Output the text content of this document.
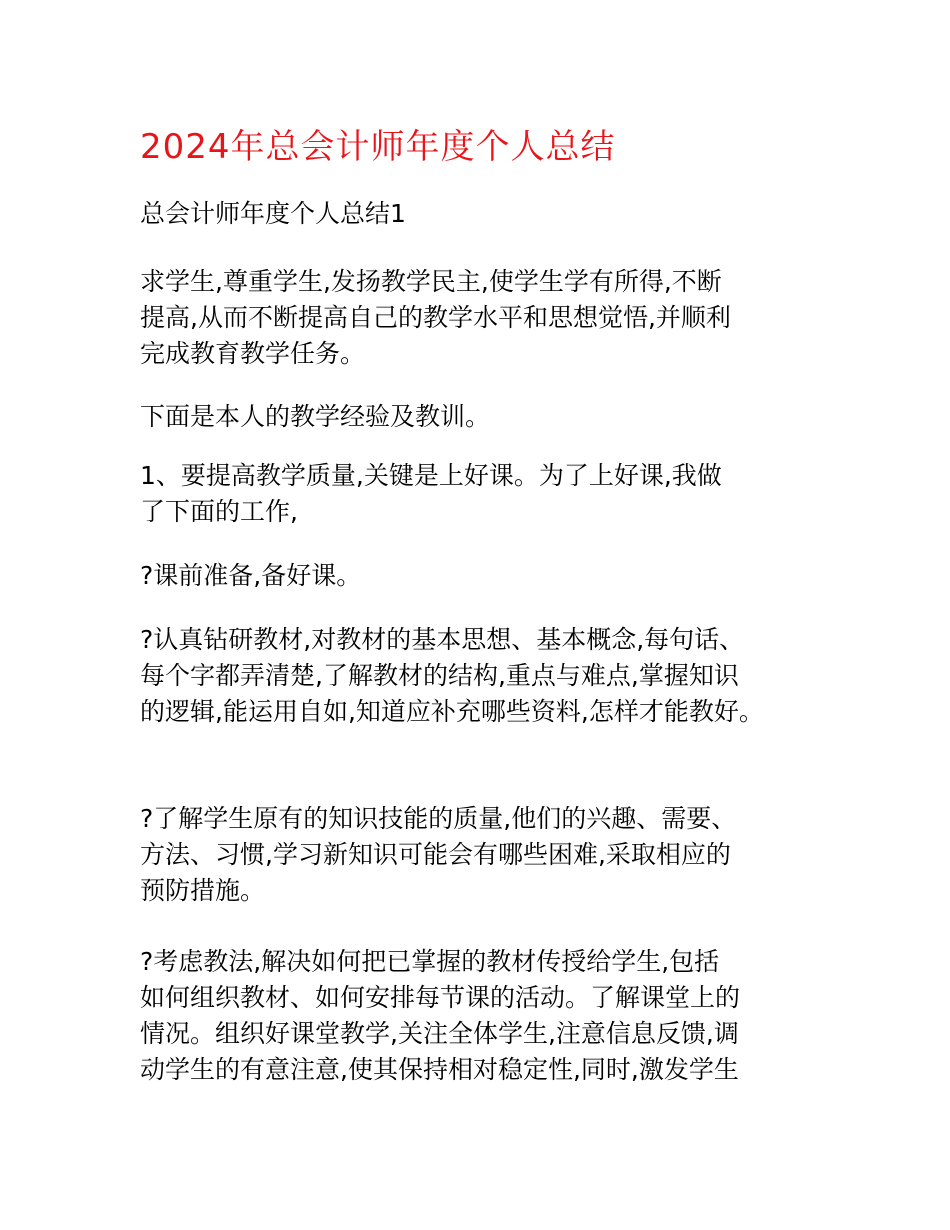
2024年总会计师年度个人总结
总会计师年度个人总结1
求学生,尊重学生,发扬教学民主,使学生学有所得,不断
提高,从而不断提高自己的教学水平和思想觉悟,并顺利
完成教育教学任务。
下面是本人的教学经验及教训。
1、要提高教学质量,关键是上好课。为了上好课,我做
了下面的工作,
?课前准备,备好课。
?认真钻研教材,对教材的基本思想、基本概念,每句话、
每个字都弄清楚,了解教材的结构,重点与难点,掌握知识
的逻辑,能运用自如,知道应补充哪些资料,怎样才能教好。
?了解学生原有的知识技能的质量,他们的兴趣、需要、
方法、习惯,学习新知识可能会有哪些困难,采取相应的
预防措施。
?考虑教法,解决如何把已掌握的教材传授给学生,包括
如何组织教材、如何安排每节课的活动。了解课堂上的
情况。组织好课堂教学,关注全体学生,注意信息反馈,调
动学生的有意注意,使其保持相对稳定性,同时,激发学生
